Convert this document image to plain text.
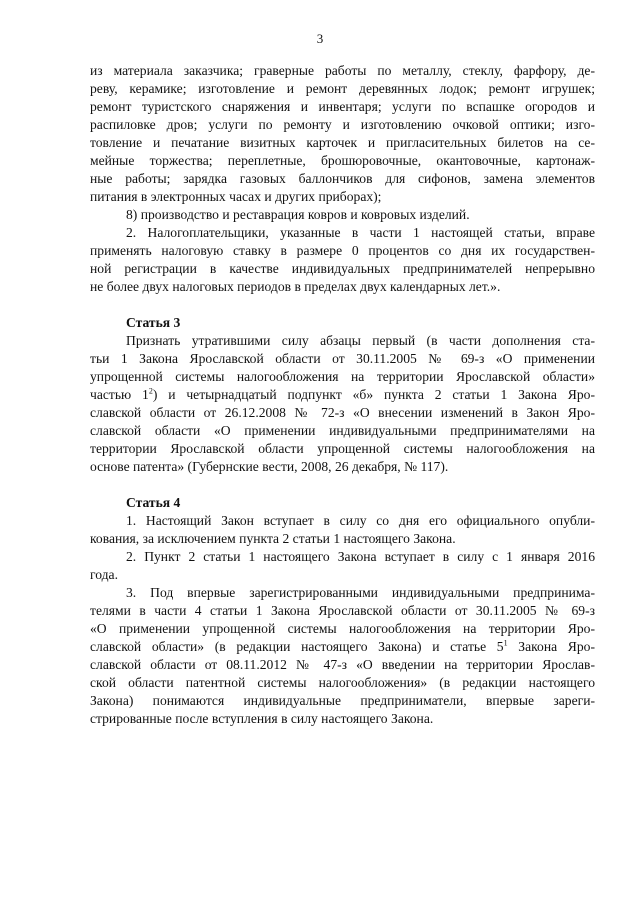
3
из материала заказчика; граверные работы по металлу, стеклу, фарфору, де-
реву, керамике; изготовление и ремонт деревянных лодок; ремонт игрушек;
ремонт туристского снаряжения и инвентаря; услуги по вспашке огородов и
распиловке дров; услуги по ремонту и изготовлению очковой оптики; изго-
товление и печатание визитных карточек и пригласительных билетов на се-
мейные торжества; переплетные, брошюровочные, окантовочные, картонаж-
ные работы; зарядка газовых баллончиков для сифонов, замена элементов
питания в электронных часах и других приборах);
8) производство и реставрация ковров и ковровых изделий.
2. Налогоплательщики, указанные в части 1 настоящей статьи, вправе
применять налоговую ставку в размере 0 процентов со дня их государствен-
ной регистрации в качестве индивидуальных предпринимателей непрерывно
не более двух налоговых периодов в пределах двух календарных лет.».
Статья 3
Признать утратившими силу абзацы первый (в части дополнения ста-
тьи 1 Закона Ярославской области от 30.11.2005 № 69-з «О применении
упрощенной системы налогообложения на территории Ярославской области»
частью $1^2$) и четырнадцатый подпункт «б» пункта 2 статьи 1 Закона Яро-
славской области от 26.12.2008 № 72-з «О внесении изменений в Закон Яро-
славской области «О применении индивидуальными предпринимателями на
территории Ярославской области упрощенной системы налогообложения на
основе патента» (Губернские вести, 2008, 26 декабря, № 117).
Статья 4
1. Настоящий Закон вступает в силу со дня его официального опубли-
кования, за исключением пункта 2 статьи 1 настоящего Закона.
2. Пункт 2 статьи 1 настоящего Закона вступает в силу с 1 января 2016
года.
3. Под впервые зарегистрированными индивидуальными предпринима-
телями в части 4 статьи 1 Закона Ярославской области от 30.11.2005 № 69-з
«О применении упрощенной системы налогообложения на территории Яро-
славской области» (в редакции настоящего Закона) и статье $5^1$ Закона Яро-
славской области от 08.11.2012 № 47-з «О введении на территории Ярослав-
ской области патентной системы налогообложения» (в редакции настоящего
Закона) понимаются индивидуальные предприниматели, впервые зареги-
стрированные после вступления в силу настоящего Закона.
